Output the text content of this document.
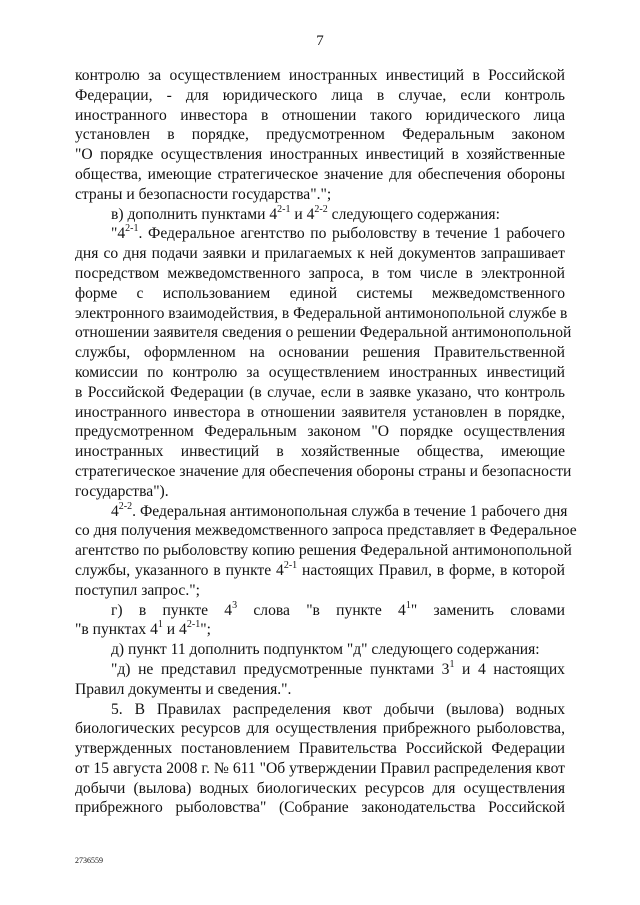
7
контролю за осуществлением иностранных инвестиций в Российской
Федерации, - для юридического лица в случае, если контроль
иностранного инвестора в отношении такого юридического лица
установлен в порядке, предусмотренном Федеральным законом
"О порядке осуществления иностранных инвестиций в хозяйственные
общества, имеющие стратегическое значение для обеспечения обороны
страны и безопасности государства".";
в) дополнить пунктами 4$^{2-1}$ и 4$^{2-2}$ следующего содержания:
"4$^{2-1}$. Федеральное агентство по рыболовству в течение 1 рабочего
дня со дня подачи заявки и прилагаемых к ней документов запрашивает
посредством межведомственного запроса, в том числе в электронной
форме с использованием единой системы межведомственного
электронного взаимодействия, в Федеральной антимонопольной службе в
отношении заявителя сведения о решении Федеральной антимонопольной
службы, оформленном на основании решения Правительственной
комиссии по контролю за осуществлением иностранных инвестиций
в Российской Федерации (в случае, если в заявке указано, что контроль
иностранного инвестора в отношении заявителя установлен в порядке,
предусмотренном Федеральным законом "О порядке осуществления
иностранных инвестиций в хозяйственные общества, имеющие
стратегическое значение для обеспечения обороны страны и безопасности
государства").
4$^{2-2}$. Федеральная антимонопольная служба в течение 1 рабочего дня
со дня получения межведомственного запроса представляет в Федеральное
агентство по рыболовству копию решения Федеральной антимонопольной
службы, указанного в пункте 4$^{2-1}$ настоящих Правил, в форме, в которой
поступил запрос.";
г) в пункте $4^3$ слова "в пункте $4^1$" заменить словами
"в пунктах $4^1$ и 4$^{2-1}$";
д) пункт 11 дополнить подпунктом "д" следующего содержания:
"д) не представил предусмотренные пунктами $3^1$ и 4 настоящих
Правил документы и сведения.".
5. В Правилах распределения квот добычи (вылова) водных
биологических ресурсов для осуществления прибрежного рыболовства,
утвержденных постановлением Правительства Российской Федерации
от 15 августа 2008 г. № 611 "Об утверждении Правил распределения квот
добычи (вылова) водных биологических ресурсов для осуществления
прибрежного рыболовства" (Собрание законодательства Российской
2736559
